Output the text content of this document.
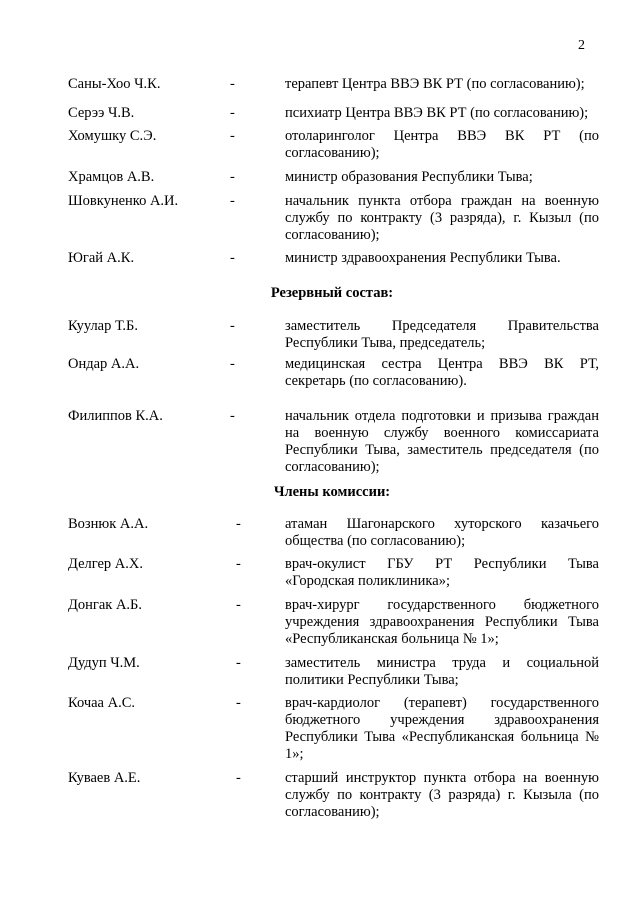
2
Саны-Хоо Ч.К.	-	терапевт Центра ВВЭ ВК РТ (по согласованию);
Серээ Ч.В.	-	психиатр Центра ВВЭ ВК РТ (по согласованию);
Хомушку С.Э.	-	отоларинголог Центра ВВЭ ВК РТ (по согласованию);
Храмцов А.В.	-	министр образования Республики Тыва;
Шовкуненко А.И.	-	начальник пункта отбора граждан на военную службу по контракту (3 разряда), г. Кызыл (по согласованию);
Югай А.К.	-	министр здравоохранения Республики Тыва.
Резервный состав:
Куулар Т.Б.	-	заместитель Председателя Правительства Республики Тыва, председатель;
Ондар А.А.	-	медицинская сестра Центра ВВЭ ВК РТ, секретарь (по согласованию).
Филиппов К.А.	-	начальник отдела подготовки и призыва граждан на военную службу военного комиссариата Республики Тыва, заместитель председателя (по согласованию);
Члены комиссии:
Вознюк А.А.	-	атаман Шагонарского хуторского казачьего общества (по согласованию);
Делгер А.Х.	-	врач-окулист ГБУ РТ Республики Тыва «Городская поликлиника»;
Донгак А.Б.	-	врач-хирург государственного бюджетного учреждения здравоохранения Республики Тыва «Республиканская больница № 1»;
Дудуп Ч.М.	-	заместитель министра труда и социальной политики Республики Тыва;
Кочаа А.С.	-	врач-кардиолог (терапевт) государственного бюджетного учреждения здравоохранения Республики Тыва «Республиканская больница № 1»;
Куваев А.Е.	-	старший инструктор пункта отбора на военную службу по контракту (3 разряда) г. Кызыла (по согласованию);
